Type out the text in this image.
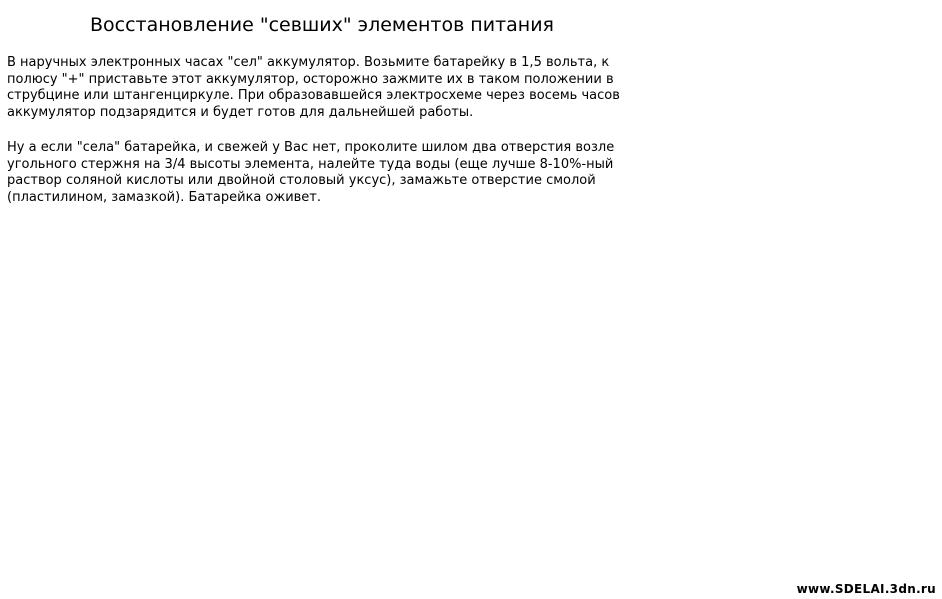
Восстановление "севших" элементов питания

В наручных электронных часах "сел" аккумулятор. Возьмите батарейку в 1,5 вольта, к полюсу "+" приставьте этот аккумулятор, осторожно зажмите их в таком положении в струбцине или штангенциркуле. При образовавшейся электросхеме через восемь часов аккумулятор подзарядится и будет готов для дальнейшей работы.

Ну а если "села" батарейка, и свежей у Вас нет, проколите шилом два отверстия возле угольного стержня на 3/4 высоты элемента, налейте туда воды (еще лучше 8-10%-ный раствор соляной кислоты или двойной столовый уксус), замажьте отверстие смолой (пластилином, замазкой). Батарейка оживет.

www.SDELAI.3dn.ru
